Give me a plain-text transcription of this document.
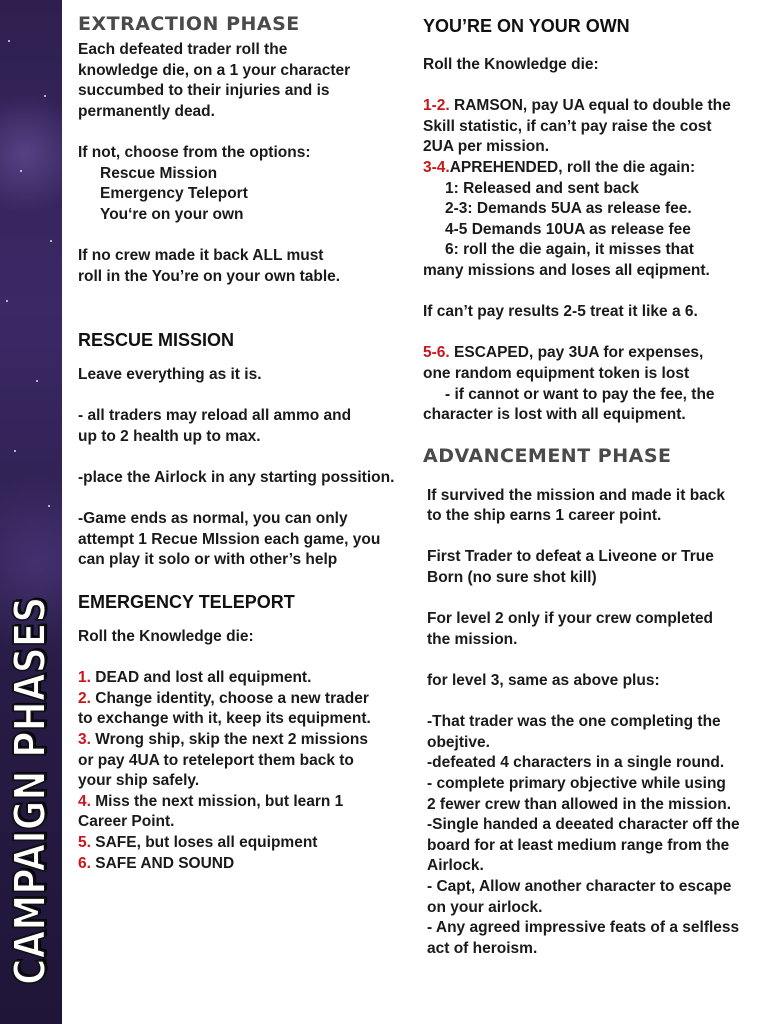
CAMPAIGN PHASES
EXTRACTION PHASE
Each defeated trader roll the
knowledge die, on a 1 your character
succumbed to their injuries and is
permanently dead.
If not, choose from the options:
Rescue Mission
Emergency Teleport
You‘re on your own
If no crew made it back ALL must
roll in the You’re on your own table.
RESCUE MISSION
Leave everything as it is.
- all traders may reload all ammo and
up to 2 health up to max.
-place the Airlock in any starting possition.
-Game ends as normal, you can only
attempt 1 Recue MIssion each game, you
can play it solo or with other’s help
EMERGENCY TELEPORT
Roll the Knowledge die:
1. DEAD and lost all equipment.
2. Change identity, choose a new trader
to exchange with it, keep its equipment.
3. Wrong ship, skip the next 2 missions
or pay 4UA to reteleport them back to
your ship safely.
4. Miss the next mission, but learn 1
Career Point.
5. SAFE, but loses all equipment
6. SAFE AND SOUND
YOU’RE ON YOUR OWN
Roll the Knowledge die:
1-2. RAMSON, pay UA equal to double the
Skill statistic, if can’t pay raise the cost
2UA per mission.
3-4.APREHENDED, roll the die again:
1: Released and sent back
2-3: Demands 5UA as release fee.
4-5 Demands 10UA as release fee
6: roll the die again, it misses that
many missions and loses all eqipment.
If can’t pay results 2-5 treat it like a 6.
5-6. ESCAPED, pay 3UA for expenses,
one random equipment token is lost
- if cannot or want to pay the fee, the
character is lost with all equipment.
ADVANCEMENT PHASE
If survived the mission and made it back
to the ship earns 1 career point.
First Trader to defeat a Liveone or True
Born (no sure shot kill)
For level 2 only if your crew completed
the mission.
for level 3, same as above plus:
-That trader was the one completing the
obejtive.
-defeated 4 characters in a single round.
- complete primary objective while using
2 fewer crew than allowed in the mission.
-Single handed a deeated character off the
board for at least medium range from the
Airlock.
- Capt, Allow another character to escape
on your airlock.
- Any agreed impressive feats of a selfless
act of heroism.
